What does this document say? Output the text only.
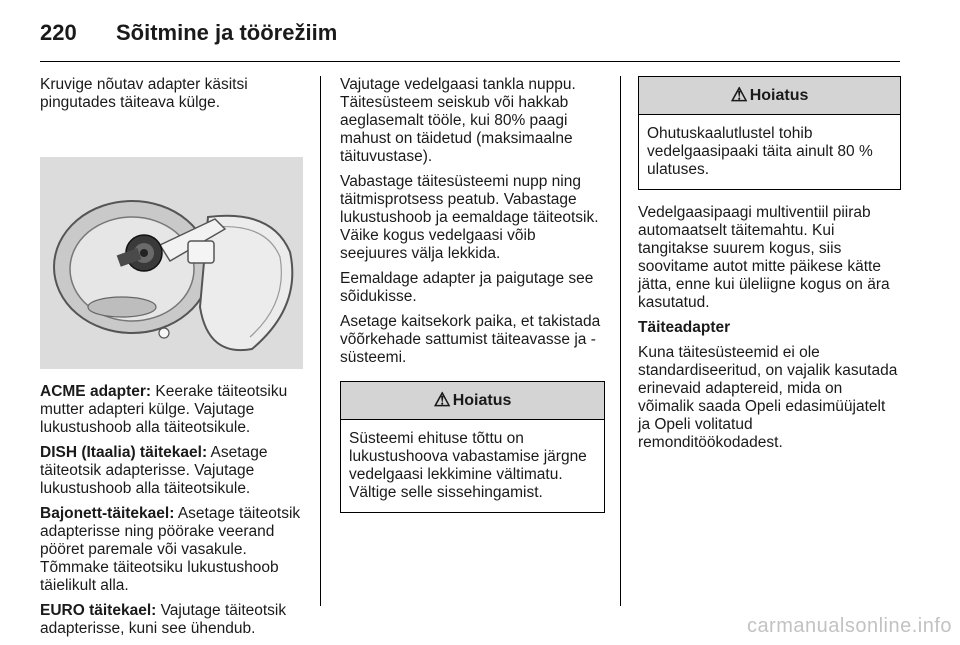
220 Sõitmine ja töörežiim

Kruvige nõutav adapter käsitsi pingutades täiteava külge.

ACME adapter: Keerake täiteotsiku mutter adapteri külge. Vajutage lukustushoob alla täiteotsikule.

DISH (Itaalia) täitekael: Asetage täiteotsik adapterisse. Vajutage lukustushoob alla täiteotsikule.

Bajonett-täitekael: Asetage täiteotsik adapterisse ning pöörake veerand pööret paremale või vasakule. Tõmmake täiteotsiku lukustushoob täielikult alla.

EURO täitekael: Vajutage täiteotsik adapterisse, kuni see ühendub.

Vajutage vedelgaasi tankla nuppu. Täitesüsteem seiskub või hakkab aeglasemalt tööle, kui 80% paagi mahust on täidetud (maksimaalne täituvustase).

Vabastage täitesüsteemi nupp ning täitmisprotsess peatub. Vabastage lukustushoob ja eemaldage täiteotsik. Väike kogus vedelgaasi võib seejuures välja lekkida.

Eemaldage adapter ja paigutage see sõidukisse.

Asetage kaitsekork paika, et takistada võõrkehade sattumist täiteavasse ja -süsteemi.

⚠ Hoiatus
Süsteemi ehituse tõttu on lukustushoova vabastamise järgne vedelgaasi lekkimine vältimatu. Vältige selle sissehingamist.
⚠ Hoiatus
Ohutuskaalutlustel tohib vedelgaasipaaki täita ainult 80 % ulatuses.

Vedelgaasipaagi multiventiil piirab automaatselt täitemahtu. Kui tangitakse suurem kogus, siis soovitame autot mitte päikese kätte jätta, enne kui üleliigne kogus on ära kasutatud.

Täiteadapter

Kuna täitesüsteemid ei ole standardiseeritud, on vajalik kasutada erinevaid adaptereid, mida on võimalik saada Opeli edasimüüjatelt ja Opeli volitatud remonditöökodadest.

carmanualsonline.info
